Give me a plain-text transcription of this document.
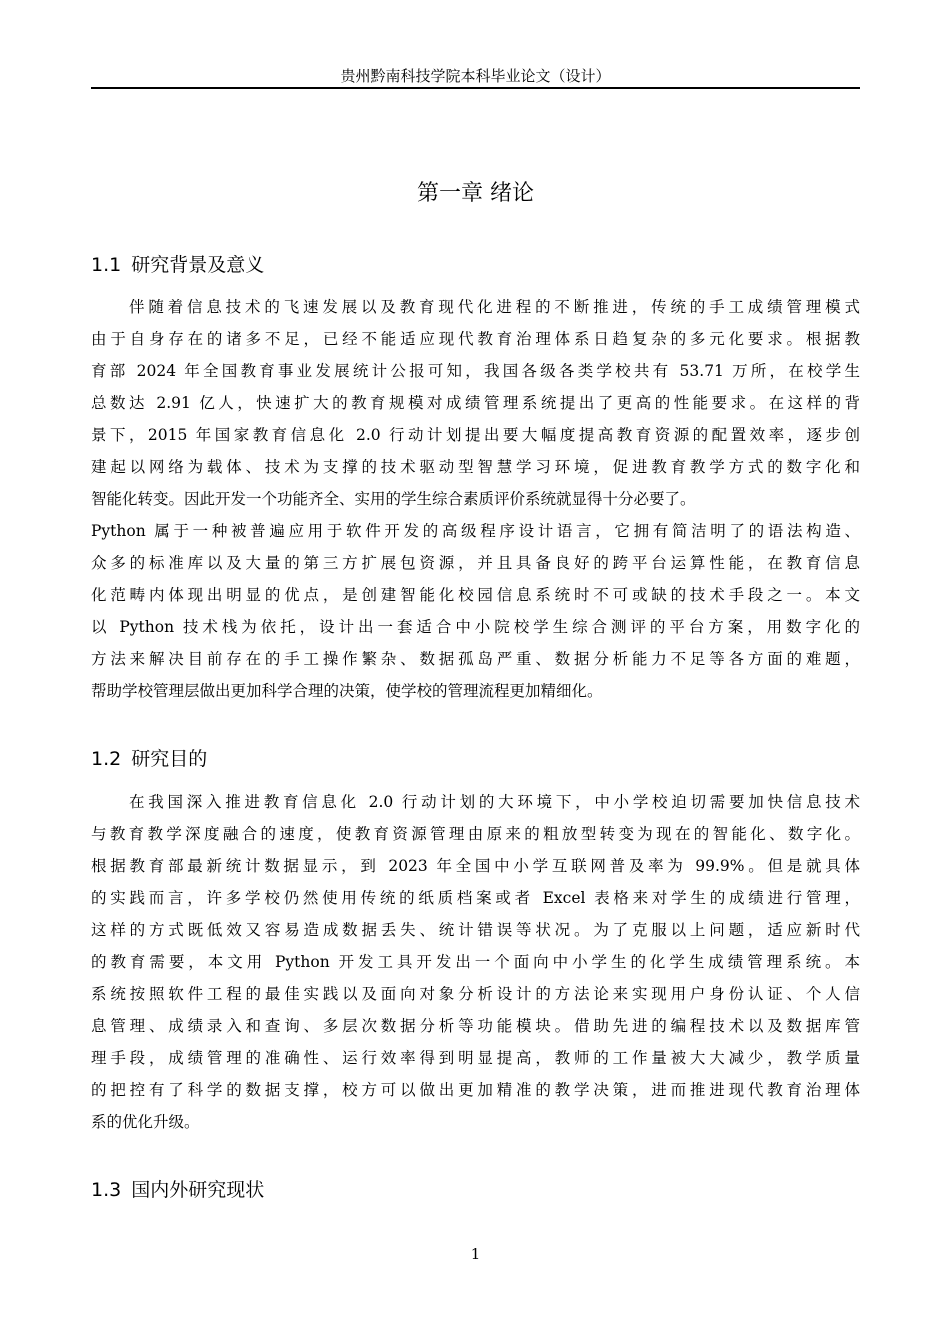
贵州黔南科技学院本科毕业论文（设计）
第一章 绪论
1.1 研究背景及意义
伴随着信息技术的飞速发展以及教育现代化进程的不断推进，传统的手工成绩管理模式
由于自身存在的诸多不足，已经不能适应现代教育治理体系日趋复杂的多元化要求。根据教
育部 2024 年全国教育事业发展统计公报可知，我国各级各类学校共有 53.71 万所，在校学生
总数达 2.91 亿人，快速扩大的教育规模对成绩管理系统提出了更高的性能要求。在这样的背
景下，2015 年国家教育信息化 2.0 行动计划提出要大幅度提高教育资源的配置效率，逐步创
建起以网络为载体、技术为支撑的技术驱动型智慧学习环境，促进教育教学方式的数字化和
智能化转变。因此开发一个功能齐全、实用的学生综合素质评价系统就显得十分必要了。
Python 属于一种被普遍应用于软件开发的高级程序设计语言，它拥有简洁明了的语法构造、
众多的标准库以及大量的第三方扩展包资源，并且具备良好的跨平台运算性能，在教育信息
化范畴内体现出明显的优点，是创建智能化校园信息系统时不可或缺的技术手段之一。本文
以 Python 技术栈为依托，设计出一套适合中小院校学生综合测评的平台方案，用数字化的
方法来解决目前存在的手工操作繁杂、数据孤岛严重、数据分析能力不足等各方面的难题，
帮助学校管理层做出更加科学合理的决策，使学校的管理流程更加精细化。
1.2 研究目的
在我国深入推进教育信息化 2.0 行动计划的大环境下，中小学校迫切需要加快信息技术
与教育教学深度融合的速度，使教育资源管理由原来的粗放型转变为现在的智能化、数字化。
根据教育部最新统计数据显示，到 2023 年全国中小学互联网普及率为 99.9%。但是就具体
的实践而言，许多学校仍然使用传统的纸质档案或者 Excel 表格来对学生的成绩进行管理，
这样的方式既低效又容易造成数据丢失、统计错误等状况。为了克服以上问题，适应新时代
的教育需要，本文用 Python 开发工具开发出一个面向中小学生的化学生成绩管理系统。本
系统按照软件工程的最佳实践以及面向对象分析设计的方法论来实现用户身份认证、个人信
息管理、成绩录入和查询、多层次数据分析等功能模块。借助先进的编程技术以及数据库管
理手段，成绩管理的准确性、运行效率得到明显提高，教师的工作量被大大减少，教学质量
的把控有了科学的数据支撑，校方可以做出更加精准的教学决策，进而推进现代教育治理体
系的优化升级。
1.3 国内外研究现状
1
